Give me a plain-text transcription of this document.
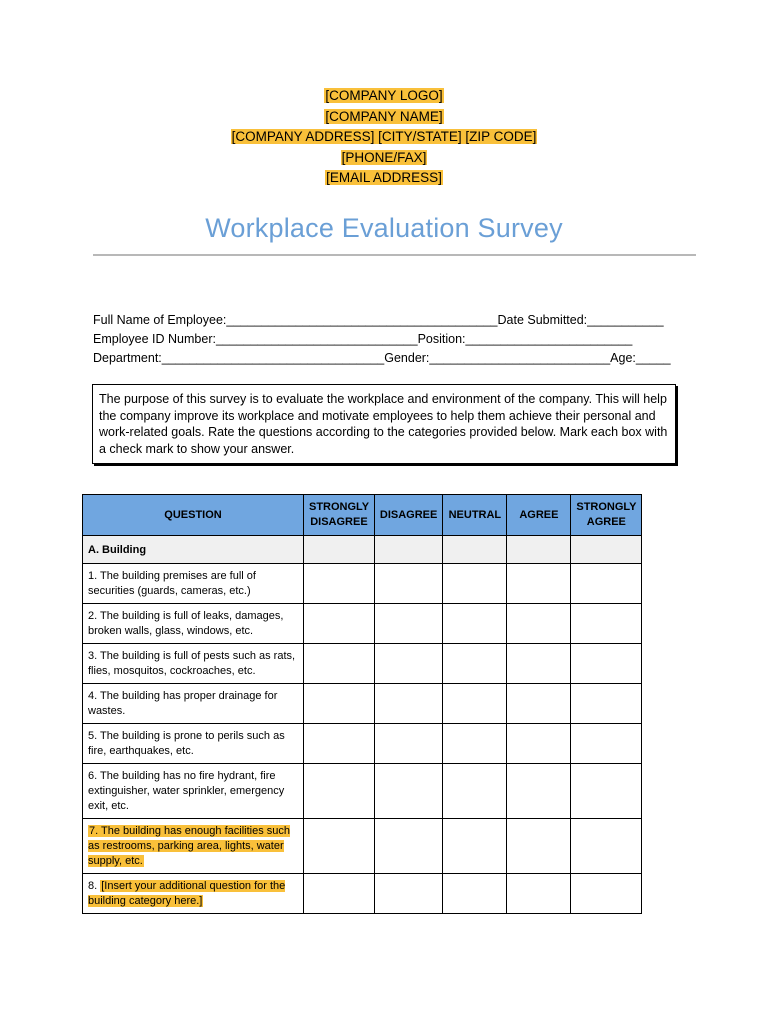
[COMPANY LOGO]
[COMPANY NAME]
[COMPANY ADDRESS] [CITY/STATE] [ZIP CODE]
[PHONE/FAX]
[EMAIL ADDRESS]
Workplace Evaluation Survey
Full Name of Employee:_______________________________________Date Submitted:___________
Employee ID Number:_____________________________Position:________________________
Department:________________________________Gender:__________________________Age:_____
The purpose of this survey is to evaluate the workplace and environment of the company. This will help the company improve its workplace and motivate employees to help them achieve their personal and work-related goals. Rate the questions according to the categories provided below. Mark each box with a check mark to show your answer.
QUESTION	STRONGLY DISAGREE	DISAGREE	NEUTRAL	AGREE	STRONGLY AGREE
A. Building					
1. The building premises are full of securities (guards, cameras, etc.)					
2. The building is full of leaks, damages, broken walls, glass, windows, etc.					
3. The building is full of pests such as rats, flies, mosquitos, cockroaches, etc.					
4. The building has proper drainage for wastes.					
5. The building is prone to perils such as fire, earthquakes, etc.					
6. The building has no fire hydrant, fire extinguisher, water sprinkler, emergency exit, etc.					
7. The building has enough facilities such as restrooms, parking area, lights, water supply, etc.					
8. [Insert your additional question for the building category here.]					
